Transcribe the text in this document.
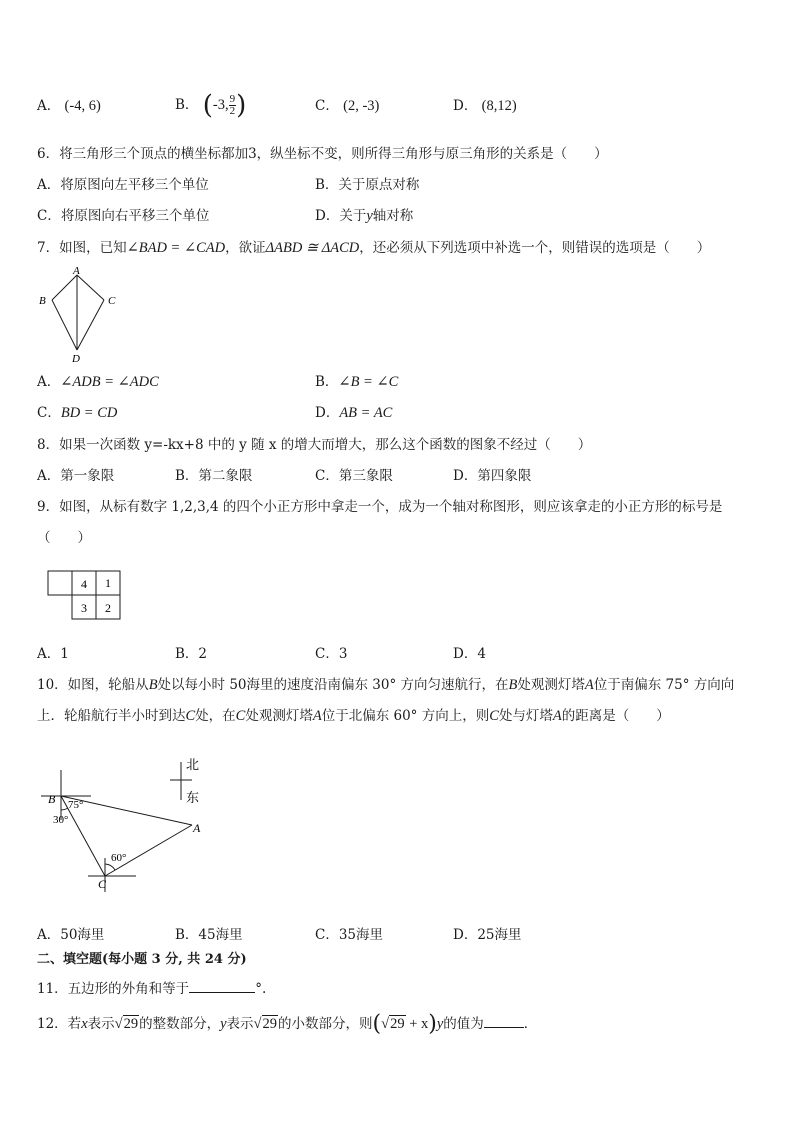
A． (-4, 6)	B． (-3, $\frac{9}{2}$ )	C． (2, -3)	D． (8,12)
6．将三角形三个顶点的横坐标都加3，纵坐标不变，则所得三角形与原三角形的关系是（　　）
A．将原图向左平移三个单位	B．关于原点对称
C．将原图向右平移三个单位	D．关于y轴对称
7．如图，已知∠BAD = ∠CAD，欲证ΔABD ≅ ΔACD，还必须从下列选项中补选一个，则错误的选项是（　　）
A
B	C
D
A．∠ADB = ∠ADC	B．∠B = ∠C
C．BD = CD	D．AB = AC
8．如果一次函数 y=-kx+8 中的 y 随 x 的增大而增大，那么这个函数的图象不经过（　　）
A．第一象限	B．第二象限	C．第三象限	D．第四象限
9．如图，从标有数字 1,2,3,4 的四个小正方形中拿走一个，成为一个轴对称图形，则应该拿走的小正方形的标号是
（　　）
4 1
3 2
A．1	B．2	C．3	D．4
10．如图，轮船从B处以每小时 50海里的速度沿南偏东 30° 方向匀速航行，在B处观测灯塔A位于南偏东 75° 方向向
上．轮船航行半小时到达C处，在C处观测灯塔A位于北偏东 60° 方向上，则C处与灯塔A的距离是（　　）
北
东
B 75°
30°
A
60°
C
A．50海里	B．45海里	C．35海里	D．25海里
二、填空题(每小题 3 分, 共 24 分)
11．五边形的外角和等于	°.
12．若x表示√29的整数部分，y表示√29的小数部分，则(√29 + x)y的值为	．
